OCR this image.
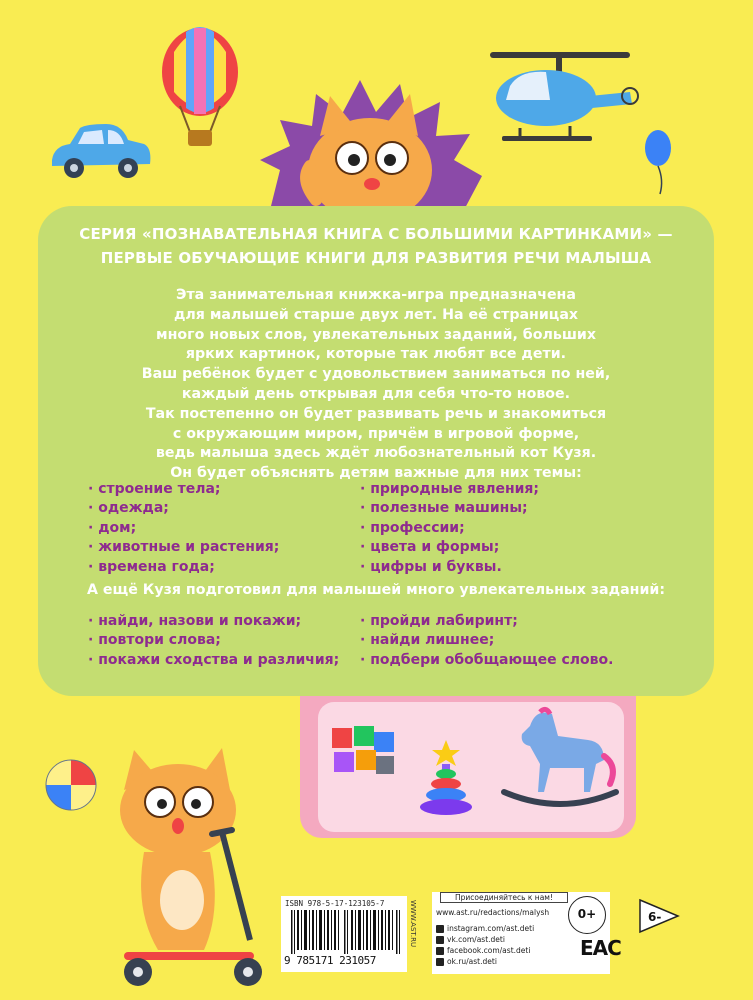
СЕРИЯ «ПОЗНАВАТЕЛЬНАЯ КНИГА С БОЛЬШИМИ КАРТИНКАМИ» —
ПЕРВЫЕ ОБУЧАЮЩИЕ КНИГИ ДЛЯ РАЗВИТИЯ РЕЧИ МАЛЫША
Эта занимательная книжка-игра предназначена
для малышей старше двух лет. На её страницах
много новых слов, увлекательных заданий, больших
ярких картинок, которые так любят все дети.
Ваш ребёнок будет с удовольствием заниматься по ней,
каждый день открывая для себя что-то новое.
Так постепенно он будет развивать речь и знакомиться
с окружающим миром, причём в игровой форме,
ведь малыша здесь ждёт любознательный кот Кузя.
Он будет объяснять детям важные для них темы:
· строение тела;
· одежда;
· дом;
· животные и растения;
· времена года;
· природные явления;
· полезные машины;
· профессии;
· цвета и формы;
· цифры и буквы.
А ещё Кузя подготовил для малышей много увлекательных заданий:
· найди, назови и покажи;
· повтори слова;
· покажи сходства и различия;
· пройди лабиринт;
· найди лишнее;
· подбери обобщающее слово.
ISBN 978-5-17-123105-7
9 785171 231057
WWW.AST.RU
Присоединяйтесь к нам!
www.ast.ru/redactions/malysh
instagram.com/ast.deti
vk.com/ast.deti
facebook.com/ast.deti
ok.ru/ast.deti
0+	6-
EAC
